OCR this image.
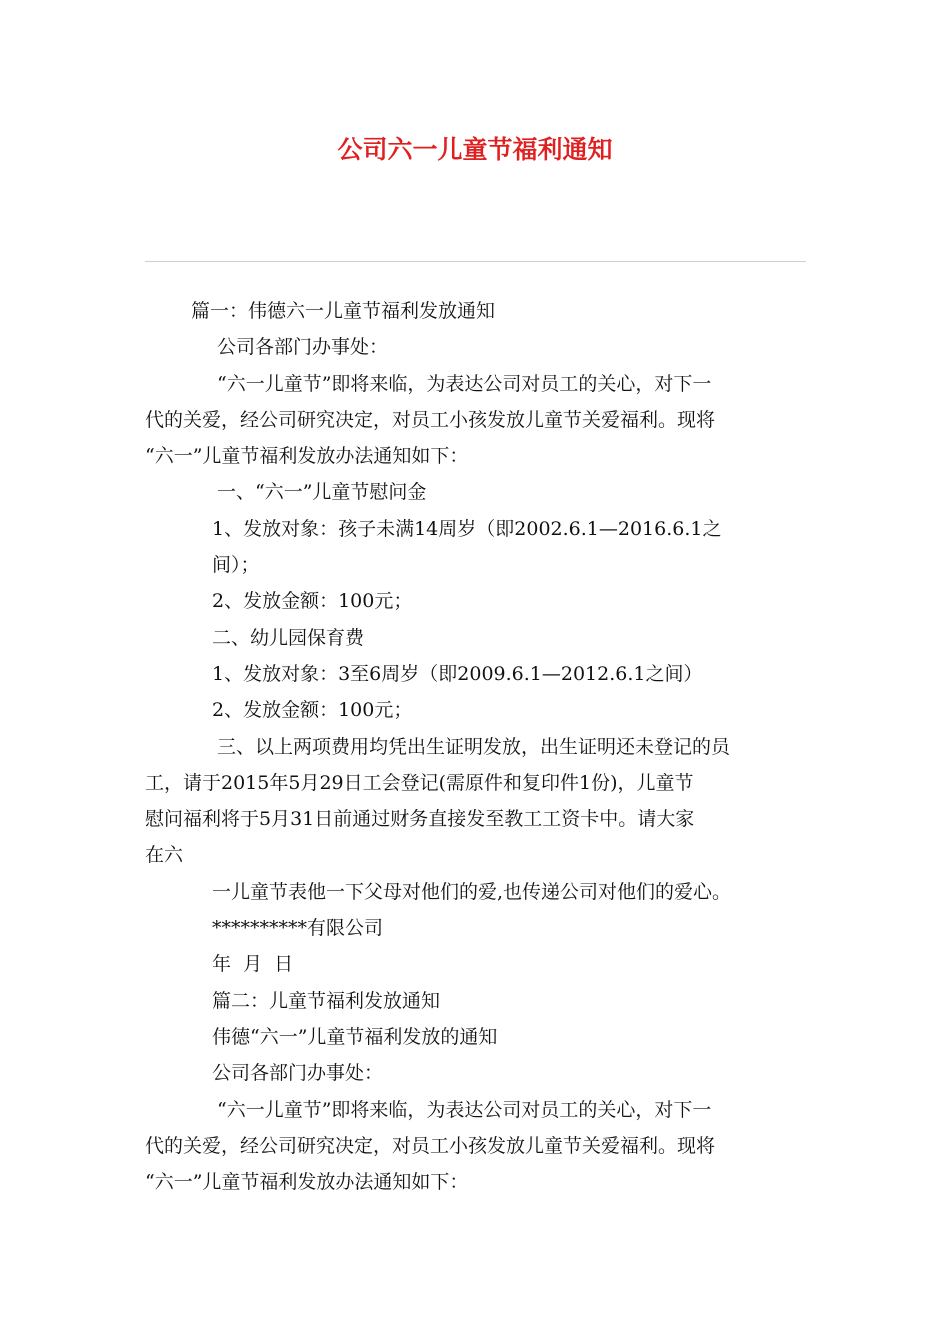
公司六一儿童节福利通知

篇一：伟德六一儿童节福利发放通知

公司各部门办事处：

“六一儿童节”即将来临，为表达公司对员工的关心，对下一

代的关爱，经公司研究决定，对员工小孩发放儿童节关爱福利。现将

“六一”儿童节福利发放办法通知如下：

一、“六一”儿童节慰问金

1、发放对象：孩子未满14周岁（即2002.6.1—2016.6.1之

间）；

2、发放金额：100元；

二、幼儿园保育费

1、发放对象：3至6周岁（即2009.6.1—2012.6.1之间）

2、发放金额：100元；

三、以上两项费用均凭出生证明发放，出生证明还未登记的员

工，请于2015年5月29日工会登记(需原件和复印件1份)，儿童节

慰问福利将于5月31日前通过财务直接发至教工工资卡中。请大家

在六

一儿童节表他一下父母对他们的爱,也传递公司对他们的爱心。

**********有限公司

年  月  日

篇二：儿童节福利发放通知

伟德“六一”儿童节福利发放的通知

公司各部门办事处：

“六一儿童节”即将来临，为表达公司对员工的关心，对下一

代的关爱，经公司研究决定，对员工小孩发放儿童节关爱福利。现将

“六一”儿童节福利发放办法通知如下：
